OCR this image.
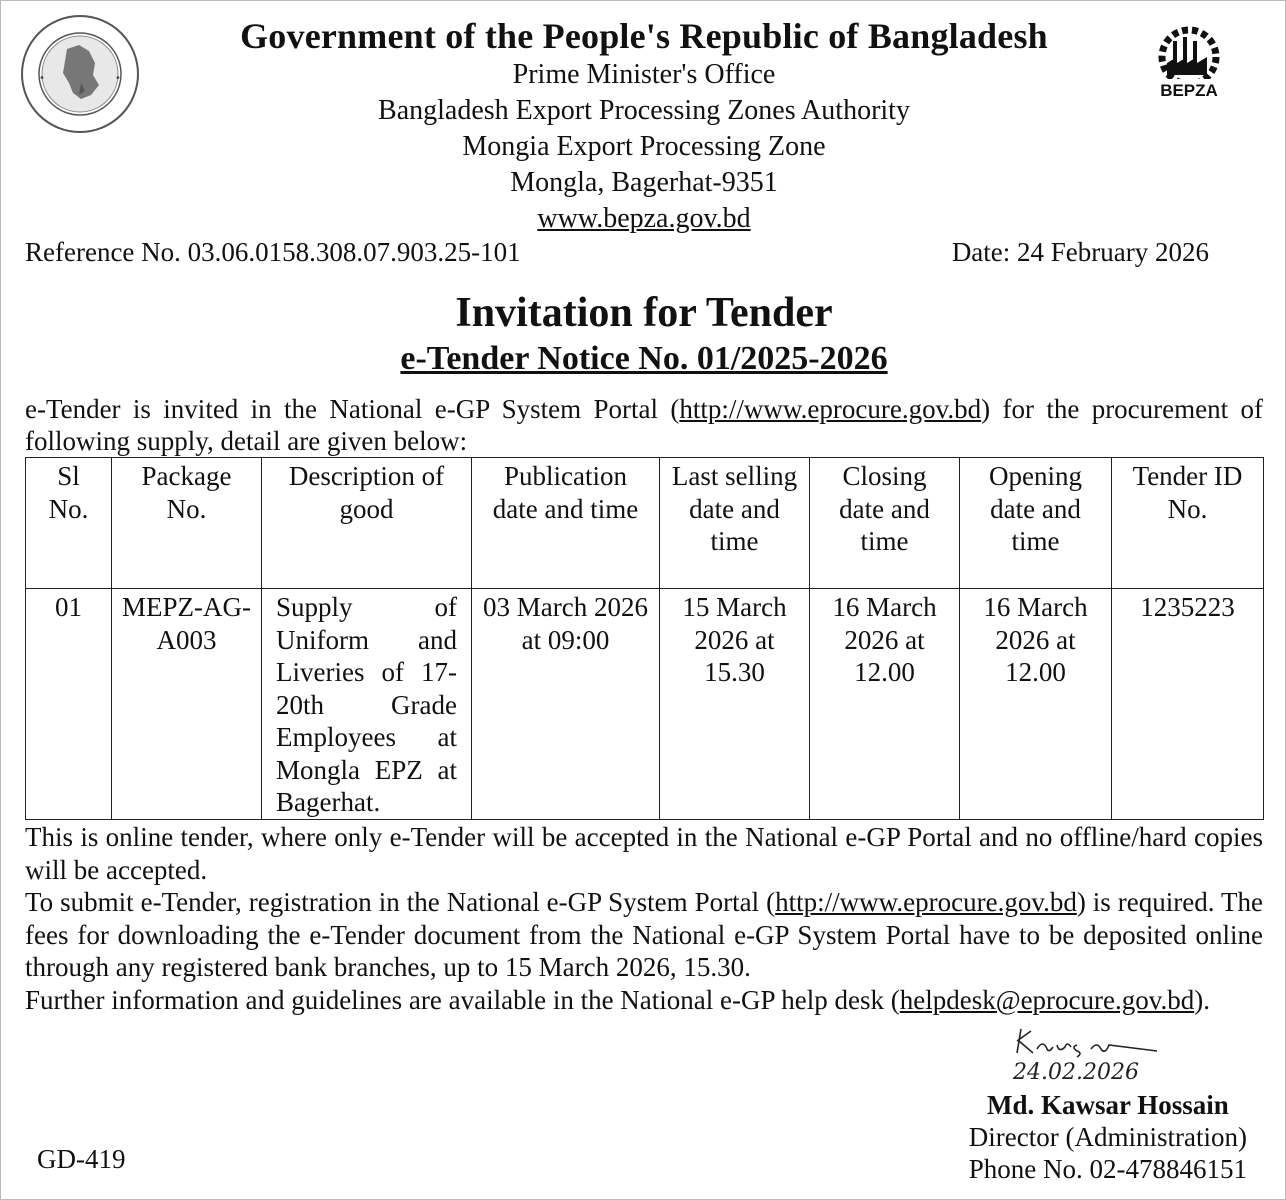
•	•
BEPZA
Government of the People's Republic of Bangladesh
Prime Minister's Office
Bangladesh Export Processing Zones Authority
Mongia Export Processing Zone
Mongla, Bagerhat-9351
www.bepza.gov.bd
Reference No. 03.06.0158.308.07.903.25-101	Date: 24 February 2026
Invitation for Tender
e-Tender Notice No. 01/2025-2026
e-Tender is invited in the National e-GP System Portal (http://www.eprocure.gov.bd) for the procurement of following supply, detail are given below:
Sl No.	Package No.	Description of good	Publication date and time	Last selling date and time	Closing date and time	Opening date and time	Tender ID No.
01	MEPZ-AG-A003	Supply of Uniform and Liveries of 17-20th Grade Employees at Mongla EPZ at Bagerhat.	03 March 2026 at 09:00	15 March 2026 at 15.30	16 March 2026 at 12.00	16 March 2026 at 12.00	1235223

This is online tender, where only e-Tender will be accepted in the National e-GP Portal and no offline/hard copies will be accepted.

To submit e-Tender, registration in the National e-GP System Portal (http://www.eprocure.gov.bd) is required. The fees for downloading the e-Tender document from the National e-GP System Portal have to be deposited online through any registered bank branches, up to 15 March 2026, 15.30.

Further information and guidelines are available in the National e-GP help desk (helpdesk@eprocure.gov.bd).

24.02.2026
Md. Kawsar Hossain
Director (Administration)
Phone No. 02-478846151
GD-419
